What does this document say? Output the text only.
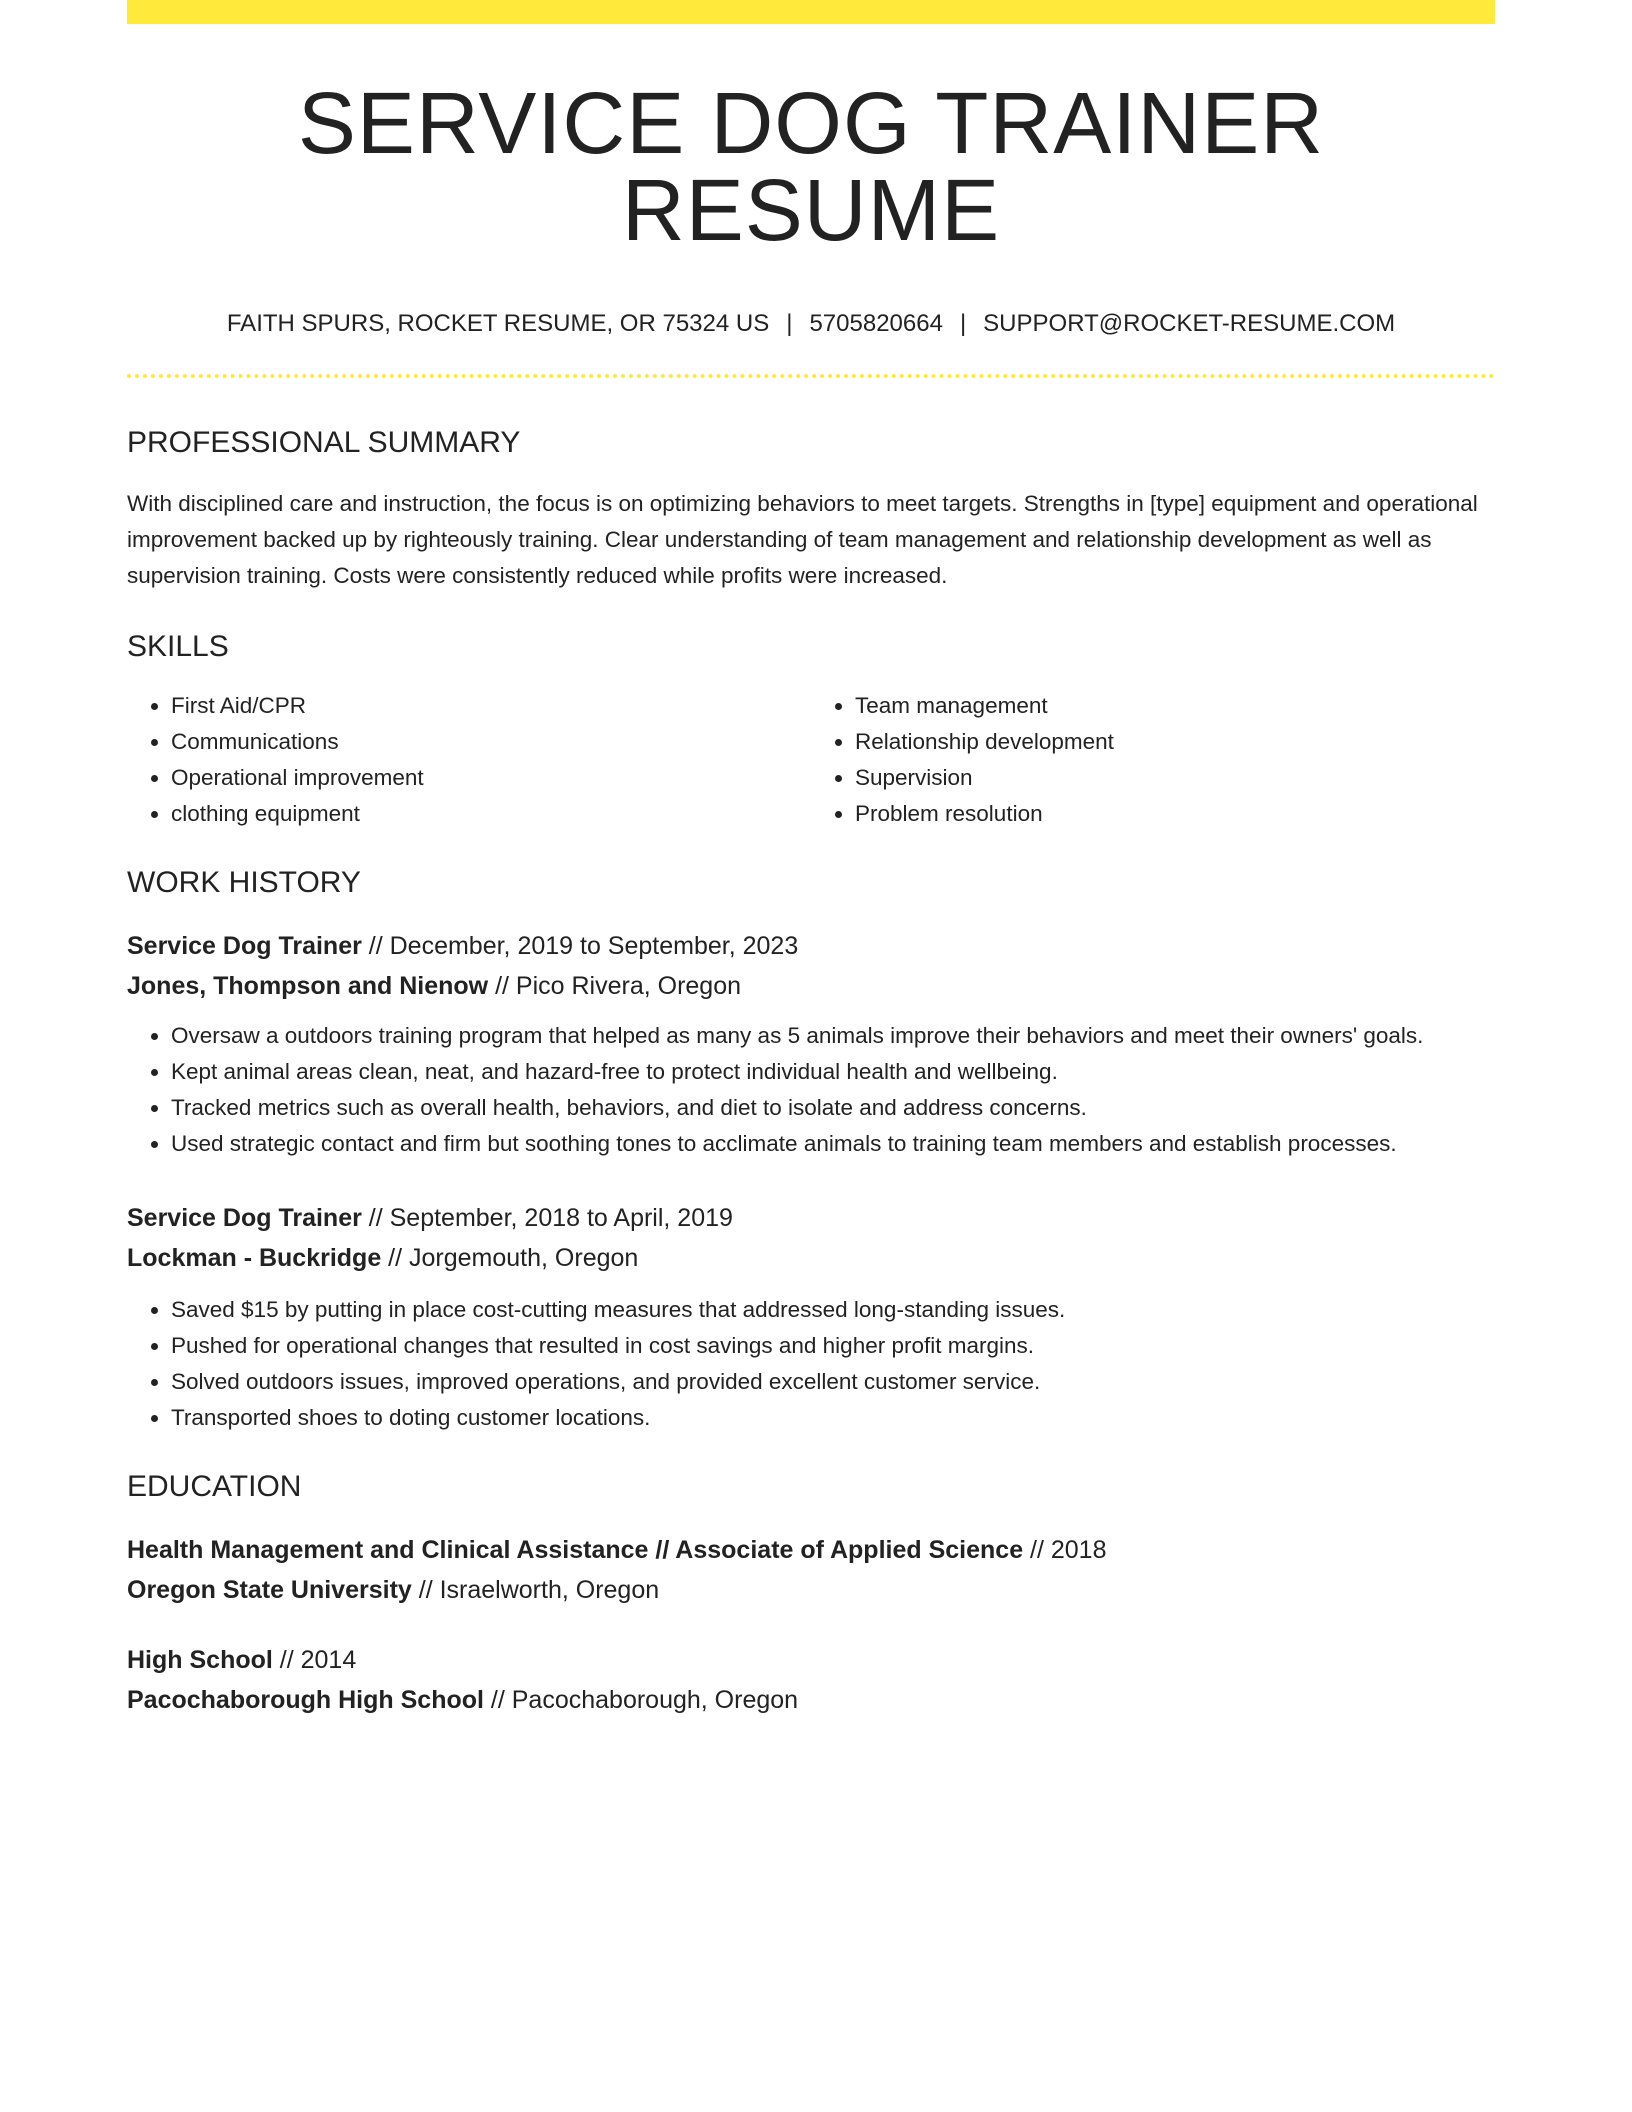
SERVICE DOG TRAINER RESUME
FAITH SPURS, ROCKET RESUME, OR 75324 US | 5705820664 | SUPPORT@ROCKET-RESUME.COM
PROFESSIONAL SUMMARY

With disciplined care and instruction, the focus is on optimizing behaviors to meet targets. Strengths in [type] equipment and operational improvement backed up by righteously training. Clear understanding of team management and relationship development as well as supervision training. Costs were consistently reduced while profits were increased.

SKILLS
• First Aid/CPR
• Communications
• Operational improvement
• clothing equipment
• Team management
• Relationship development
• Supervision
• Problem resolution
WORK HISTORY

Service Dog Trainer // December, 2019 to September, 2023

Jones, Thompson and Nienow // Pico Rivera, Oregon

• Oversaw a outdoors training program that helped as many as 5 animals improve their behaviors and meet their owners' goals.
• Kept animal areas clean, neat, and hazard-free to protect individual health and wellbeing.
• Tracked metrics such as overall health, behaviors, and diet to isolate and address concerns.
• Used strategic contact and firm but soothing tones to acclimate animals to training team members and establish processes.

Service Dog Trainer // September, 2018 to April, 2019

Lockman - Buckridge // Jorgemouth, Oregon

• Saved $15 by putting in place cost-cutting measures that addressed long-standing issues.
• Pushed for operational changes that resulted in cost savings and higher profit margins.
• Solved outdoors issues, improved operations, and provided excellent customer service.
• Transported shoes to doting customer locations.
EDUCATION

Health Management and Clinical Assistance // Associate of Applied Science // 2018

Oregon State University // Israelworth, Oregon

High School // 2014

Pacochaborough High School // Pacochaborough, Oregon
